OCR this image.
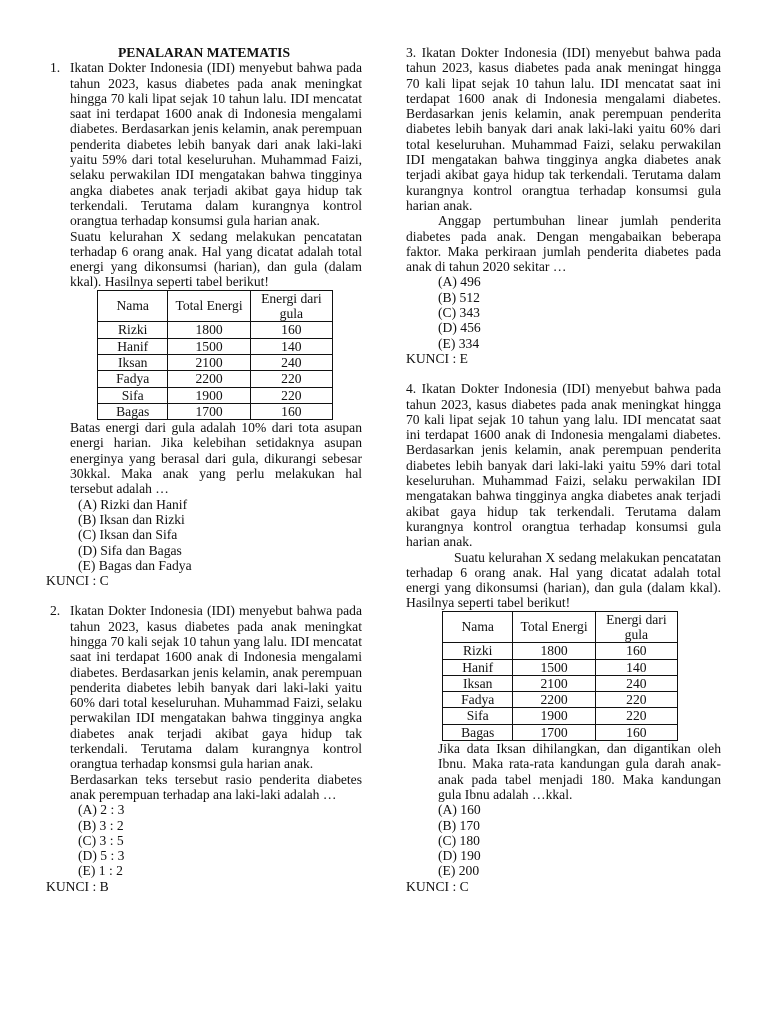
PENALARAN MATEMATIS

1. Ikatan Dokter Indonesia (IDI) menyebut bahwa pada tahun 2023, kasus diabetes pada anak meningkat hingga 70 kali lipat sejak 10 tahun lalu. IDI mencatat saat ini terdapat 1600 anak di Indonesia mengalami diabetes. Berdasarkan jenis kelamin, anak perempuan penderita diabetes lebih banyak dari anak laki-laki yaitu 59% dari total keseluruhan. Muhammad Faizi, selaku perwakilan IDI mengatakan bahwa tingginya angka diabetes anak terjadi akibat gaya hidup tak terkendali. Terutama dalam kurangnya kontrol orangtua terhadap konsumsi gula harian anak.

Suatu kelurahan X sedang melakukan pencatatan terhadap 6 orang anak. Hal yang dicatat adalah total energi yang dikonsumsi (harian), dan gula (dalam kkal). Hasilnya seperti tabel berikut!

Nama	Total Energi	Energi dari gula
Rizki	1800	160
Hanif	1500	140
Iksan	2100	240
Fadya	2200	220
Sifa	1900	220
Bagas	1700	160

Batas energi dari gula adalah 10% dari tota asupan energi harian. Jika kelebihan setidaknya asupan energinya yang berasal dari gula, dikurangi sebesar 30kkal. Maka anak yang perlu melakukan hal tersebut adalah …

(A) Rizki dan Hanif
(B) Iksan dan Rizki
(C) Iksan dan Sifa
(D) Sifa dan Bagas
(E) Bagas dan Fadya

KUNCI : C

2. Ikatan Dokter Indonesia (IDI) menyebut bahwa pada tahun 2023, kasus diabetes pada anak meningkat hingga 70 kali sejak 10 tahun yang lalu. IDI mencatat saat ini terdapat 1600 anak di Indonesia mengalami diabetes. Berdasarkan jenis kelamin, anak perempuan penderita diabetes lebih banyak dari laki-laki yaitu 60% dari total keseluruhan. Muhammad Faizi, selaku perwakilan IDI mengatakan bahwa tingginya angka diabetes anak terjadi akibat gaya hidup tak terkendali. Terutama dalam kurangnya kontrol orangtua terhadap konsmsi gula harian anak.

Berdasarkan teks tersebut rasio penderita diabetes anak perempuan terhadap ana laki-laki adalah …

(A) 2 : 3
(B) 3 : 2
(C) 3 : 5
(D) 5 : 3
(E) 1 : 2

KUNCI : B

3. Ikatan Dokter Indonesia (IDI) menyebut bahwa pada tahun 2023, kasus diabetes pada anak meningat hingga 70 kali lipat sejak 10 tahun lalu. IDI mencatat saat ini terdapat 1600 anak di Indonesia mengalami diabetes. Berdasarkan jenis kelamin, anak perempuan penderita diabetes lebih banyak dari anak laki-laki yaitu 60% dari total keseluruhan. Muhammad Faizi, selaku perwakilan IDI mengatakan bahwa tingginya angka diabetes anak terjadi akibat gaya hidup tak terkendali. Terutama dalam kurangnya kontrol orangtua terhadap konsumsi gula harian anak.

Anggap pertumbuhan linear jumlah penderita diabetes pada anak. Dengan mengabaikan beberapa faktor. Maka perkiraan jumlah penderita diabetes pada anak di tahun 2020 sekitar …

(A) 496
(B) 512
(C) 343
(D) 456
(E) 334

KUNCI : E

4. Ikatan Dokter Indonesia (IDI) menyebut bahwa pada tahun 2023, kasus diabetes pada anak meningkat hingga 70 kali lipat sejak 10 tahun yang lalu. IDI mencatat saat ini terdapat 1600 anak di Indonesia mengalami diabetes. Berdasarkan jenis kelamin, anak perempuan penderita diabetes lebih banyak dari laki-laki yaitu 59% dari total keseluruhan. Muhammad Faizi, selaku perwakilan IDI mengatakan bahwa tingginya angka diabetes anak terjadi akibat gaya hidup tak terkendali. Terutama dalam kurangnya kontrol orangtua terhadap konsumsi gula harian anak.

Suatu kelurahan X sedang melakukan pencatatan terhadap 6 orang anak. Hal yang dicatat adalah total energi yang dikonsumsi (harian), dan gula (dalam kkal). Hasilnya seperti tabel berikut!

Nama	Total Energi	Energi dari gula
Rizki	1800	160
Hanif	1500	140
Iksan	2100	240
Fadya	2200	220
Sifa	1900	220
Bagas	1700	160

Jika data Iksan dihilangkan, dan digantikan oleh Ibnu. Maka rata-rata kandungan gula darah anak-anak pada tabel menjadi 180. Maka kandungan gula Ibnu adalah …kkal.

(A) 160
(B) 170
(C) 180
(D) 190
(E) 200

KUNCI : C
